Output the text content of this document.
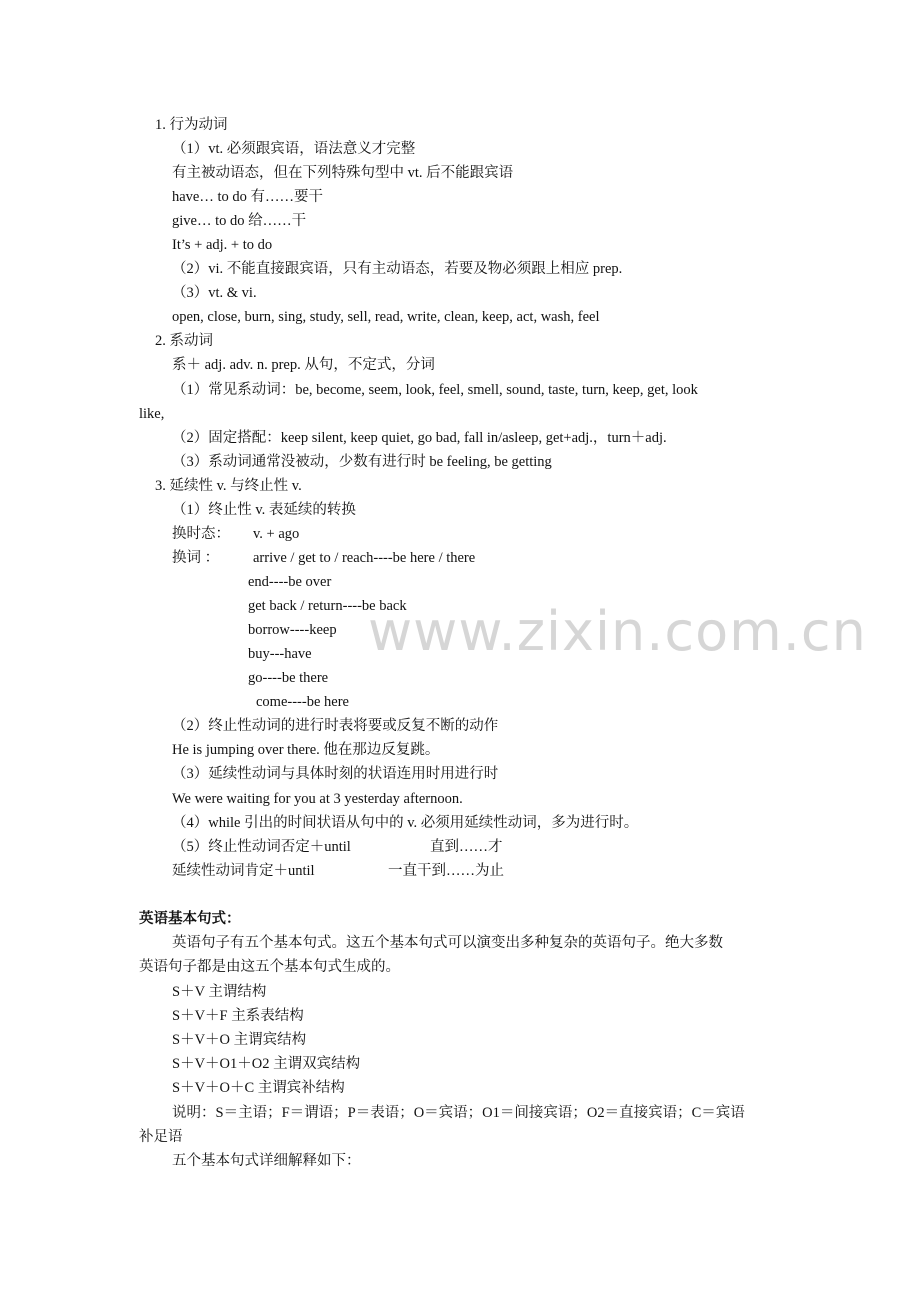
www.zixin.com.cn
1. 行为动词
（1）vt. 必须跟宾语，语法意义才完整
有主被动语态，但在下列特殊句型中 vt. 后不能跟宾语
have… to do 有……要干
give… to do 给……干
It’s + adj. + to do
（2）vi. 不能直接跟宾语，只有主动语态，若要及物必须跟上相应 prep.
（3）vt. & vi.
open, close, burn, sing, study, sell, read, write, clean, keep, act, wash, feel
2. 系动词
系＋ adj. adv. n. prep. 从句，不定式，分词
（1）常见系动词：be, become, seem, look, feel, smell, sound, taste, turn, keep, get, look
like,
（2）固定搭配：keep silent, keep quiet, go bad, fall in/asleep, get+adj.，turn＋adj.
（3）系动词通常没被动，少数有进行时 be feeling, be getting
3. 延续性 v. 与终止性 v.
（1）终止性 v. 表延续的转换
换时态： v. + ago
换词 ： arrive / get to / reach----be here / there
end----be over
get back / return----be back
borrow----keep
buy---have
go----be there
come----be here
（2）终止性动词的进行时表将要或反复不断的动作
He is jumping over there. 他在那边反复跳。
（3）延续性动词与具体时刻的状语连用时用进行时
We were waiting for you at 3 yesterday afternoon.
（4）while 引出的时间状语从句中的 v. 必须用延续性动词，多为进行时。
（5）终止性动词否定＋until	直到……才
延续性动词肯定＋until	一直干到……为止
英语基本句式：
英语句子有五个基本句式。这五个基本句式可以演变出多种复杂的英语句子。绝大多数
英语句子都是由这五个基本句式生成的。
S＋V 主谓结构
S＋V＋F 主系表结构
S＋V＋O 主谓宾结构
S＋V＋O1＋O2 主谓双宾结构
S＋V＋O＋C 主谓宾补结构
说明：S＝主语；F＝谓语；P＝表语；O＝宾语；O1＝间接宾语；O2＝直接宾语；C＝宾语
补足语
五个基本句式详细解释如下：
